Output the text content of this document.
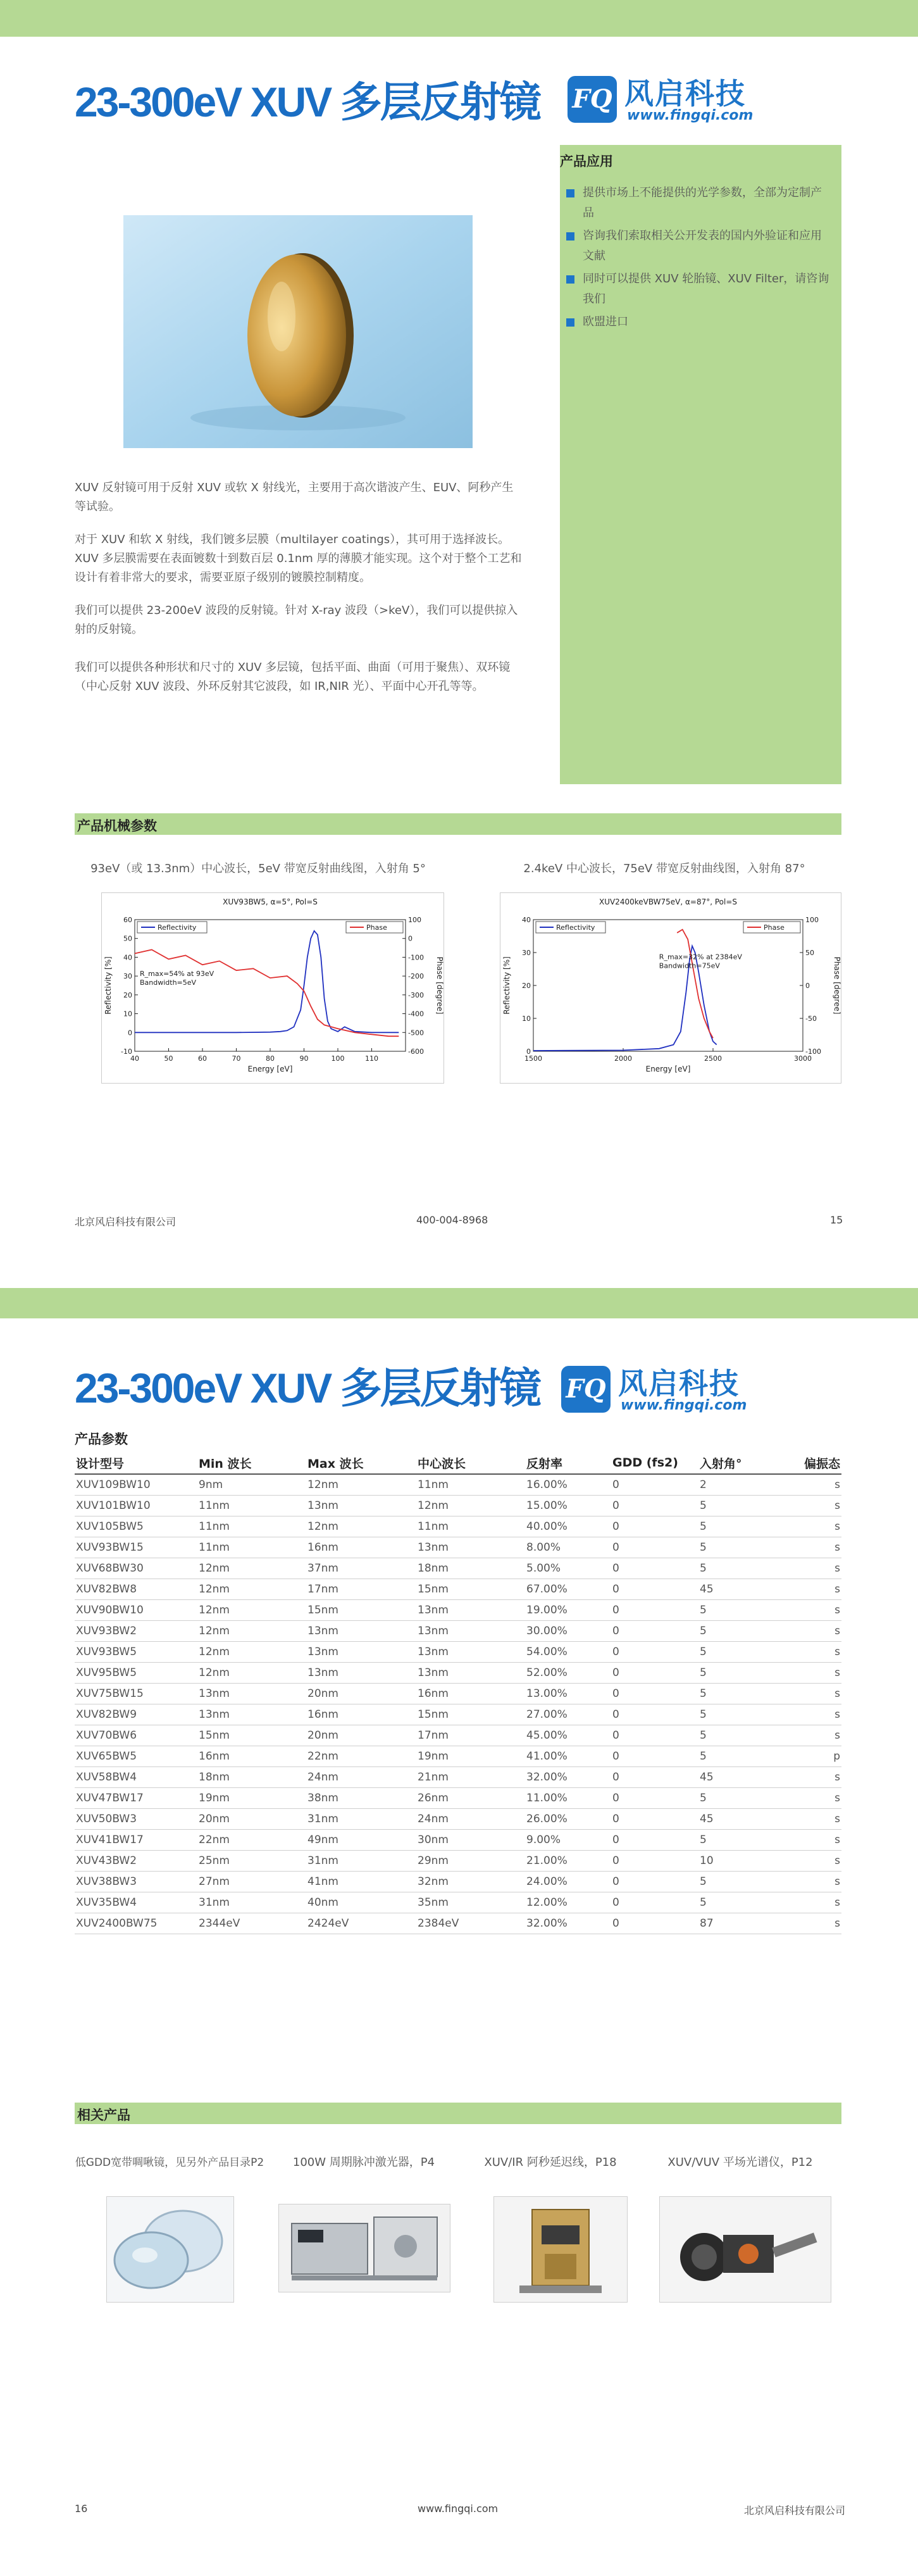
23-300eV XUV 多层反射镜 FQ 风启科技
www.fingqi.com
产品应用
提供市场上不能提供的光学参数，全部为定制产品
咨询我们索取相关公开发表的国内外验证和应用文献
同时可以提供 XUV 轮胎镜、XUV Filter，请咨询我们
欧盟进口

XUV 反射镜可用于反射 XUV 或软 X 射线光，主要用于高次谐波产生、EUV、阿秒产生等试验。

对于 XUV 和软 X 射线，我们镀多层膜（multilayer coatings），其可用于选择波长。XUV 多层膜需要在表面镀数十到数百层 0.1nm 厚的薄膜才能实现。这个对于整个工艺和设计有着非常大的要求，需要亚原子级别的镀膜控制精度。

我们可以提供 23-200eV 波段的反射镜。针对 X-ray 波段（>keV），我们可以提供掠入射的反射镜。

我们可以提供各种形状和尺寸的 XUV 多层镜，包括平面、曲面（可用于聚焦）、双环镜（中心反射 XUV 波段、外环反射其它波段，如 IR,NIR 光）、平面中心开孔等等。

产品机械参数
93eV（或 13.3nm）中心波长，5eV 带宽反射曲线图，入射角 5°	2.4keV 中心波长，75eV 带宽反射曲线图，入射角 87°
XUV93BW5, α=5°, Pol=S
40	50	60	70	80	90	100	110
-10
0
10
20
30
40
50
60
-600
-500
-400
-300
-200
-100
0
100
Energy [eV]
Reflectivity [%]	Phase [degree]
Reflectivity	Phase
R_max=54% at 93eV
Bandwidth=5eV
XUV2400keVBW75eV, α=87°, Pol=S
1500	2000	2500	3000
0
10
20
30
40
-100
-50
0
50
100
Energy [eV]
Reflectivity [%]	Phase [degree]
Reflectivity	Phase
R_max=32% at 2384eV
Bandwidth=75eV
北京风启科技有限公司	400-004-8968	15
23-300eV XUV 多层反射镜 FQ 风启科技
www.fingqi.com
产品参数
设计型号	Min 波长	Max 波长	中心波长	反射率	GDD (fs2)	入射角°	偏振态
XUV109BW10	9nm	12nm	11nm	16.00%	0	2	s
XUV101BW10	11nm	13nm	12nm	15.00%	0	5	s
XUV105BW5	11nm	12nm	11nm	40.00%	0	5	s
XUV93BW15	11nm	16nm	13nm	8.00%	0	5	s
XUV68BW30	12nm	37nm	18nm	5.00%	0	5	s
XUV82BW8	12nm	17nm	15nm	67.00%	0	45	s
XUV90BW10	12nm	15nm	13nm	19.00%	0	5	s
XUV93BW2	12nm	13nm	13nm	30.00%	0	5	s
XUV93BW5	12nm	13nm	13nm	54.00%	0	5	s
XUV95BW5	12nm	13nm	13nm	52.00%	0	5	s
XUV75BW15	13nm	20nm	16nm	13.00%	0	5	s
XUV82BW9	13nm	16nm	15nm	27.00%	0	5	s
XUV70BW6	15nm	20nm	17nm	45.00%	0	5	s
XUV65BW5	16nm	22nm	19nm	41.00%	0	5	p
XUV58BW4	18nm	24nm	21nm	32.00%	0	45	s
XUV47BW17	19nm	38nm	26nm	11.00%	0	5	s
XUV50BW3	20nm	31nm	24nm	26.00%	0	45	s
XUV41BW17	22nm	49nm	30nm	9.00%	0	5	s
XUV43BW2	25nm	31nm	29nm	21.00%	0	10	s
XUV38BW3	27nm	41nm	32nm	24.00%	0	5	s
XUV35BW4	31nm	40nm	35nm	12.00%	0	5	s
XUV2400BW75	2344eV	2424eV	2384eV	32.00%	0	87	s
相关产品
低GDD宽带啁啾镜，见另外产品目录P2	100W 周期脉冲激光器，P4	XUV/IR 阿秒延迟线，P18	XUV/VUV 平场光谱仪，P12
16	www.fingqi.com	北京风启科技有限公司
